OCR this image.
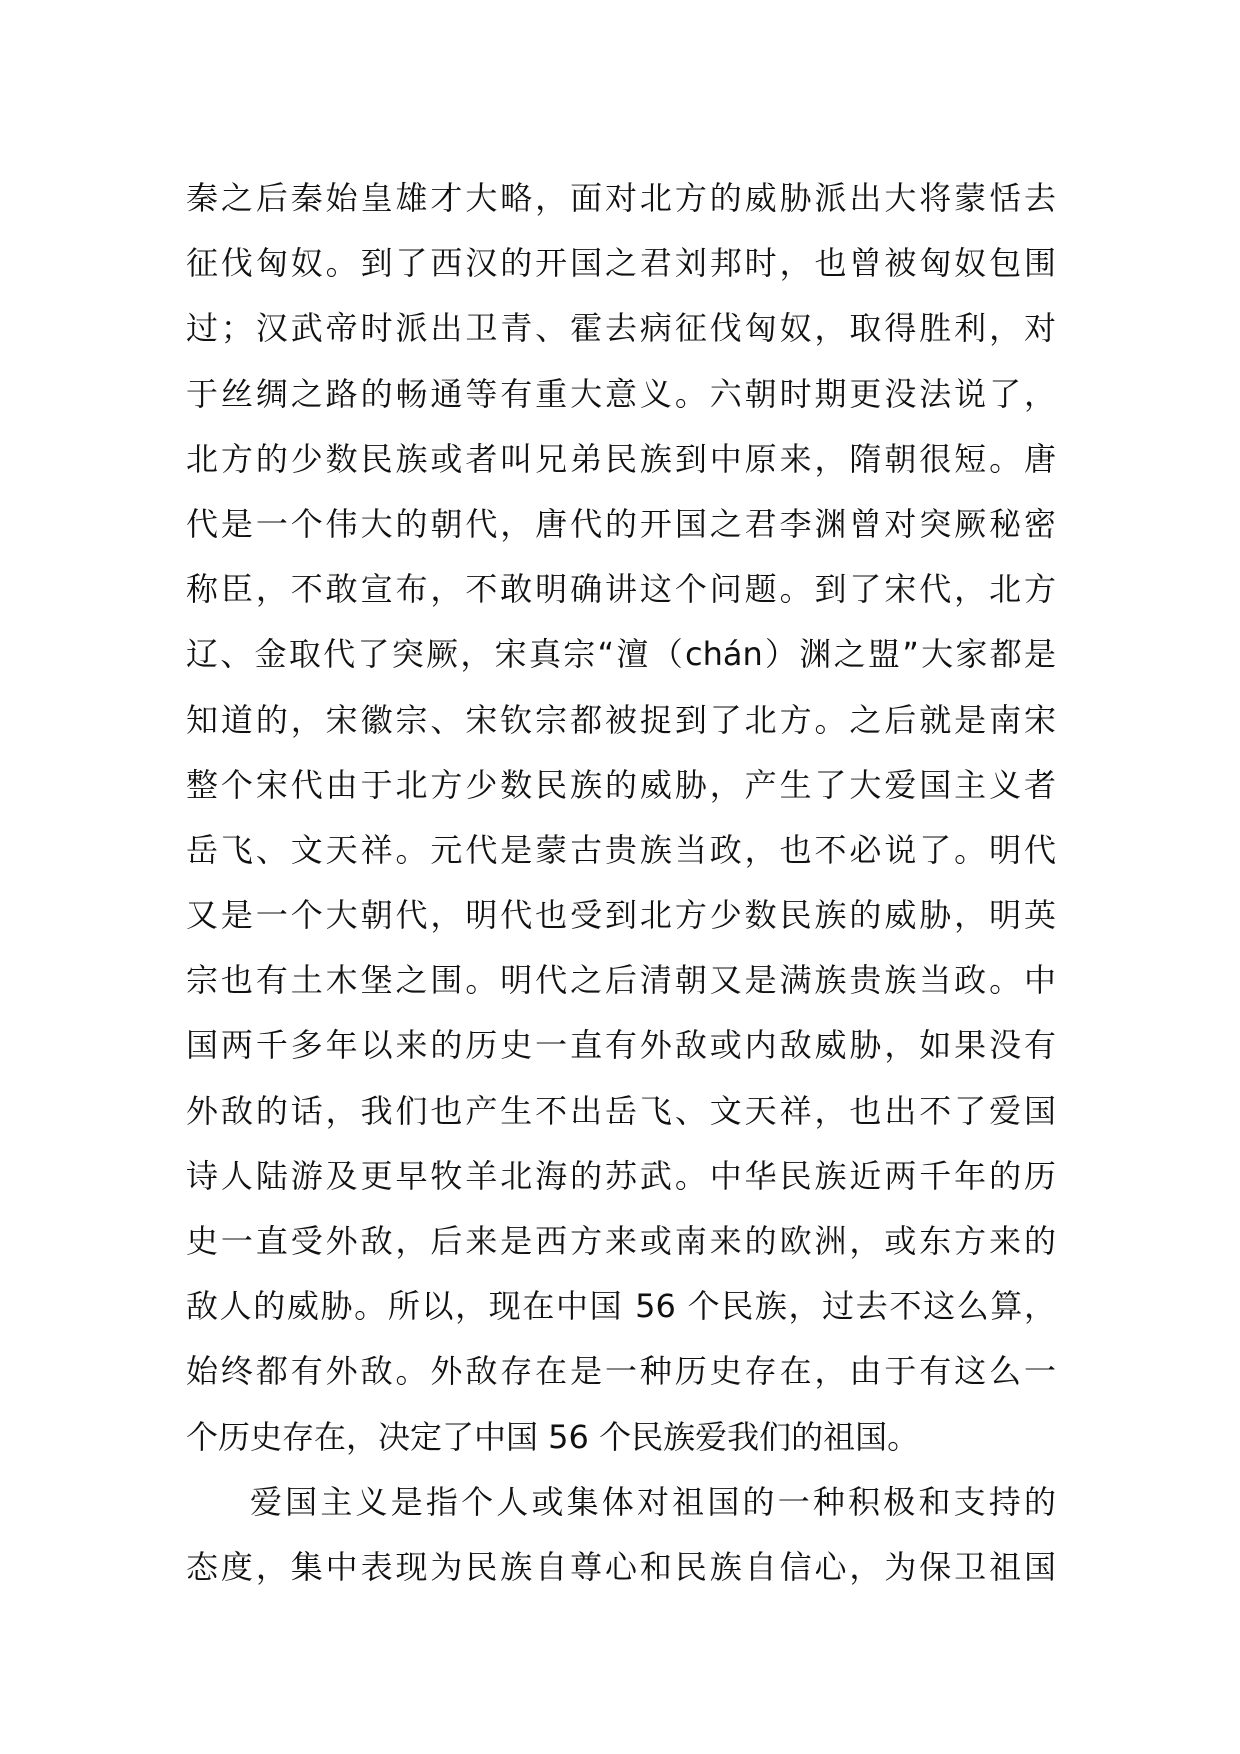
秦之后秦始皇雄才大略，面对北方的威胁派出大将蒙恬去
征伐匈奴。到了西汉的开国之君刘邦时，也曾被匈奴包围
过；汉武帝时派出卫青、霍去病征伐匈奴，取得胜利，对
于丝绸之路的畅通等有重大意义。六朝时期更没法说了，
北方的少数民族或者叫兄弟民族到中原来，隋朝很短。唐
代是一个伟大的朝代，唐代的开国之君李渊曾对突厥秘密
称臣，不敢宣布，不敢明确讲这个问题。到了宋代，北方
辽、金取代了突厥，宋真宗“澶（chán）渊之盟”大家都是
知道的，宋徽宗、宋钦宗都被捉到了北方。之后就是南宋
整个宋代由于北方少数民族的威胁，产生了大爱国主义者
岳飞、文天祥。元代是蒙古贵族当政，也不必说了。明代
又是一个大朝代，明代也受到北方少数民族的威胁，明英
宗也有土木堡之围。明代之后清朝又是满族贵族当政。中
国两千多年以来的历史一直有外敌或内敌威胁，如果没有
外敌的话，我们也产生不出岳飞、文天祥，也出不了爱国
诗人陆游及更早牧羊北海的苏武。中华民族近两千年的历
史一直受外敌，后来是西方来或南来的欧洲，或东方来的
敌人的威胁。所以，现在中国 56 个民族，过去不这么算，
始终都有外敌。外敌存在是一种历史存在，由于有这么一
个历史存在，决定了中国 56 个民族爱我们的祖国。
爱国主义是指个人或集体对祖国的一种积极和支持的
态度，集中表现为民族自尊心和民族自信心，为保卫祖国
